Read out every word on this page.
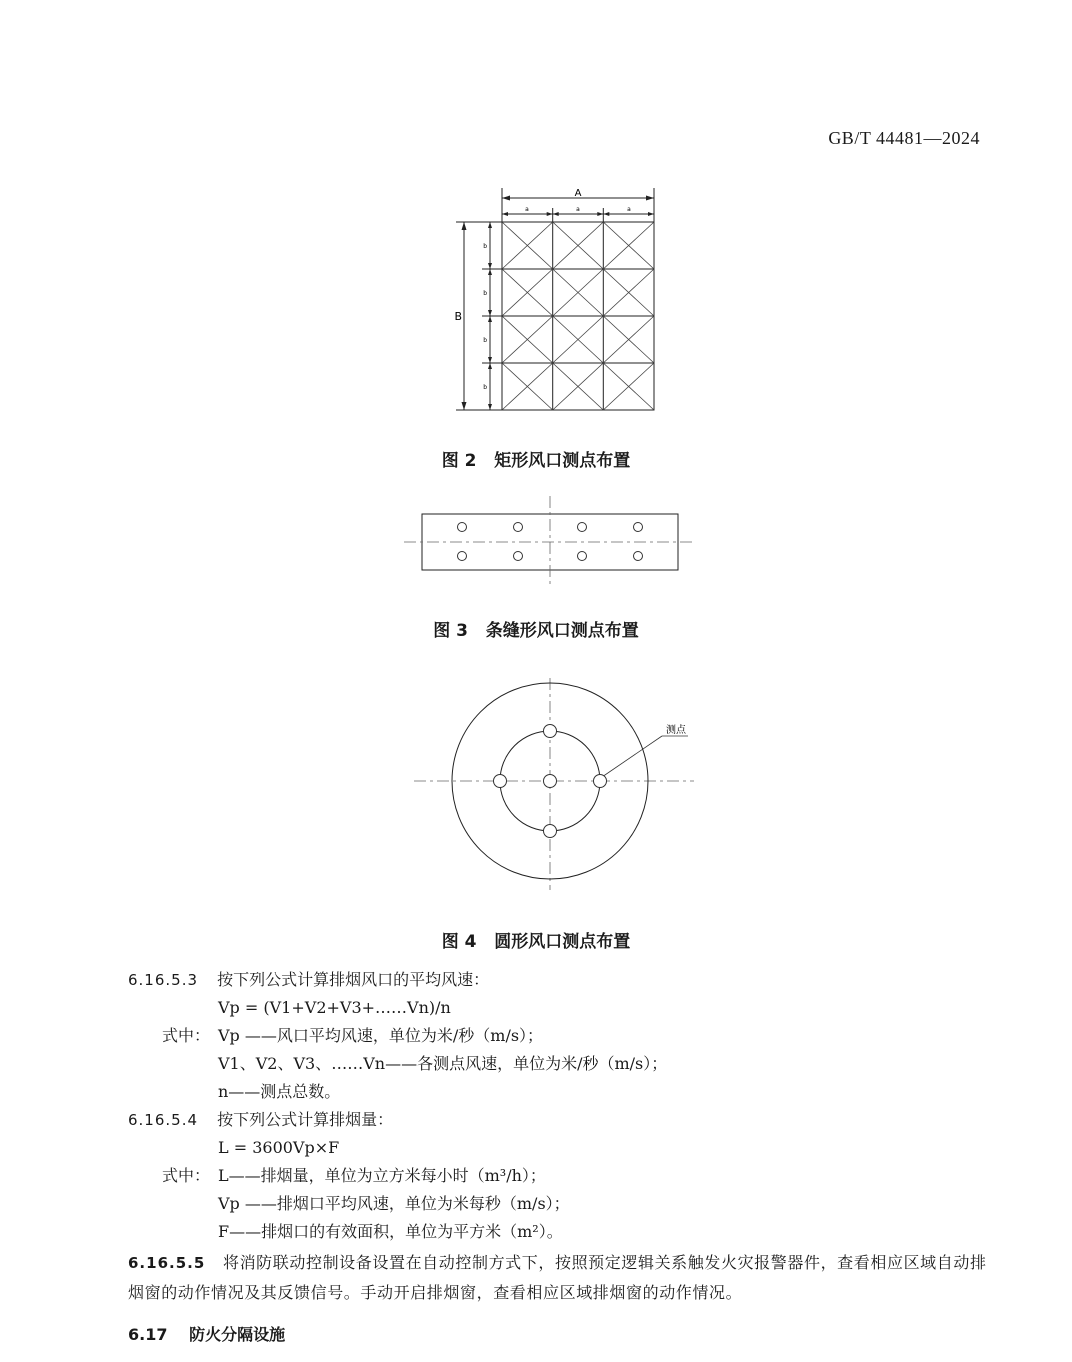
GB/T 44481—2024
A
a	a	a
B
b
b
b
b
图 2   矩形风口测点布置
图 3   条缝形风口测点布置
测点
图 4   圆形风口测点布置
6.16.5.3 按下列公式计算排烟风口的平均风速：
Vp = (V1+V2+V3+……Vn)/n
式中： Vp ——风口平均风速，单位为米/秒（m/s）；
V1、V2、V3、……Vn——各测点风速，单位为米/秒（m/s）；
n——测点总数。
6.16.5.4 按下列公式计算排烟量：
L = 3600Vp×F
式中： L——排烟量，单位为立方米每小时（m³/h）；
Vp ——排烟口平均风速，单位为米每秒（m/s）；
F——排烟口的有效面积，单位为平方米（m²）。
6.16.5.5 将消防联动控制设备设置在自动控制方式下，按照预定逻辑关系触发火灾报警器件，查看相应区域自动排烟窗的动作情况及其反馈信号。手动开启排烟窗，查看相应区域排烟窗的动作情况。
6.17 防火分隔设施
